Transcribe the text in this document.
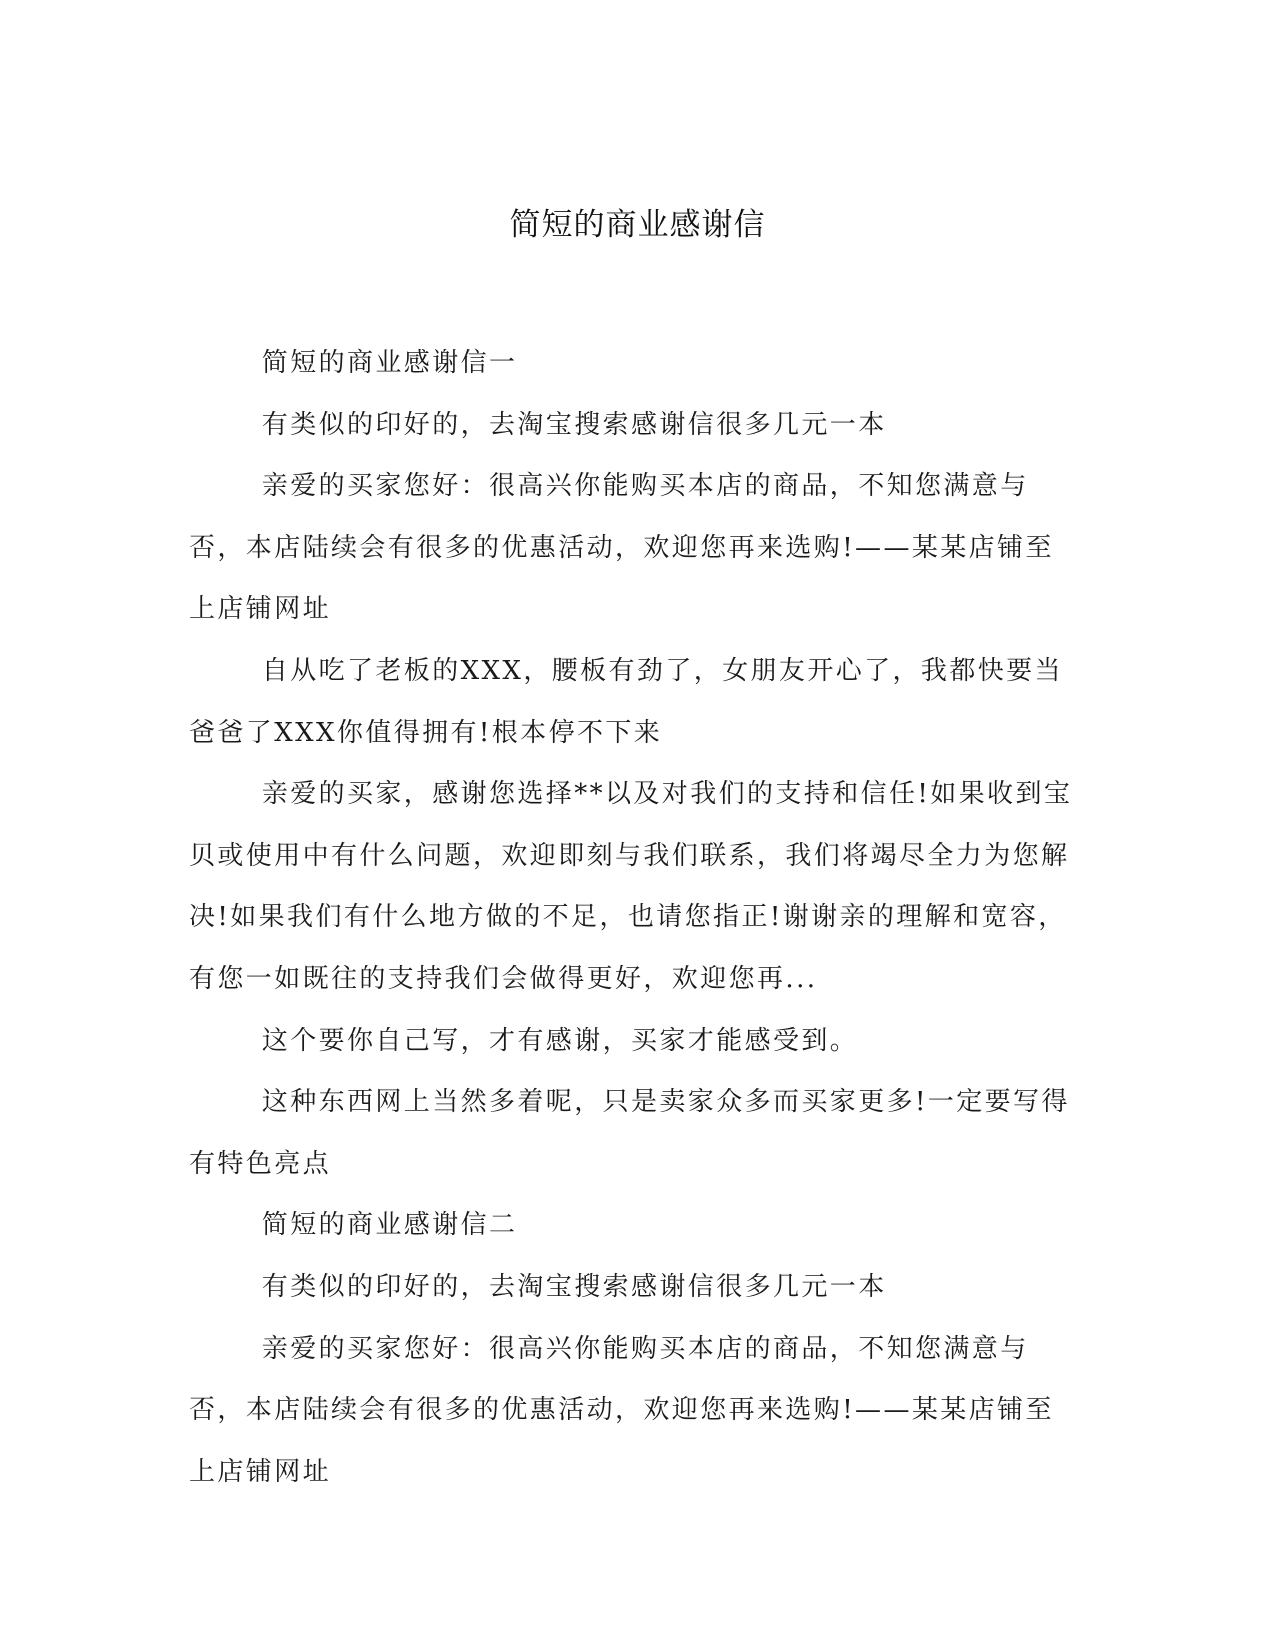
简短的商业感谢信

简短的商业感谢信一

有类似的印好的，去淘宝搜索感谢信很多几元一本

亲爱的买家您好：很高兴你能购买本店的商品，不知您满意与否，本店陆续会有很多的优惠活动，欢迎您再来选购!——某某店铺至上店铺网址

自从吃了老板的XXX，腰板有劲了，女朋友开心了，我都快要当爸爸了XXX你值得拥有!根本停不下来

亲爱的买家，感谢您选择**以及对我们的支持和信任!如果收到宝贝或使用中有什么问题，欢迎即刻与我们联系，我们将竭尽全力为您解决!如果我们有什么地方做的不足，也请您指正!谢谢亲的理解和宽容，有您一如既往的支持我们会做得更好，欢迎您再...

这个要你自己写，才有感谢，买家才能感受到。

这种东西网上当然多着呢，只是卖家众多而买家更多!一定要写得有特色亮点

简短的商业感谢信二

有类似的印好的，去淘宝搜索感谢信很多几元一本

亲爱的买家您好：很高兴你能购买本店的商品，不知您满意与否，本店陆续会有很多的优惠活动，欢迎您再来选购!——某某店铺至上店铺网址
